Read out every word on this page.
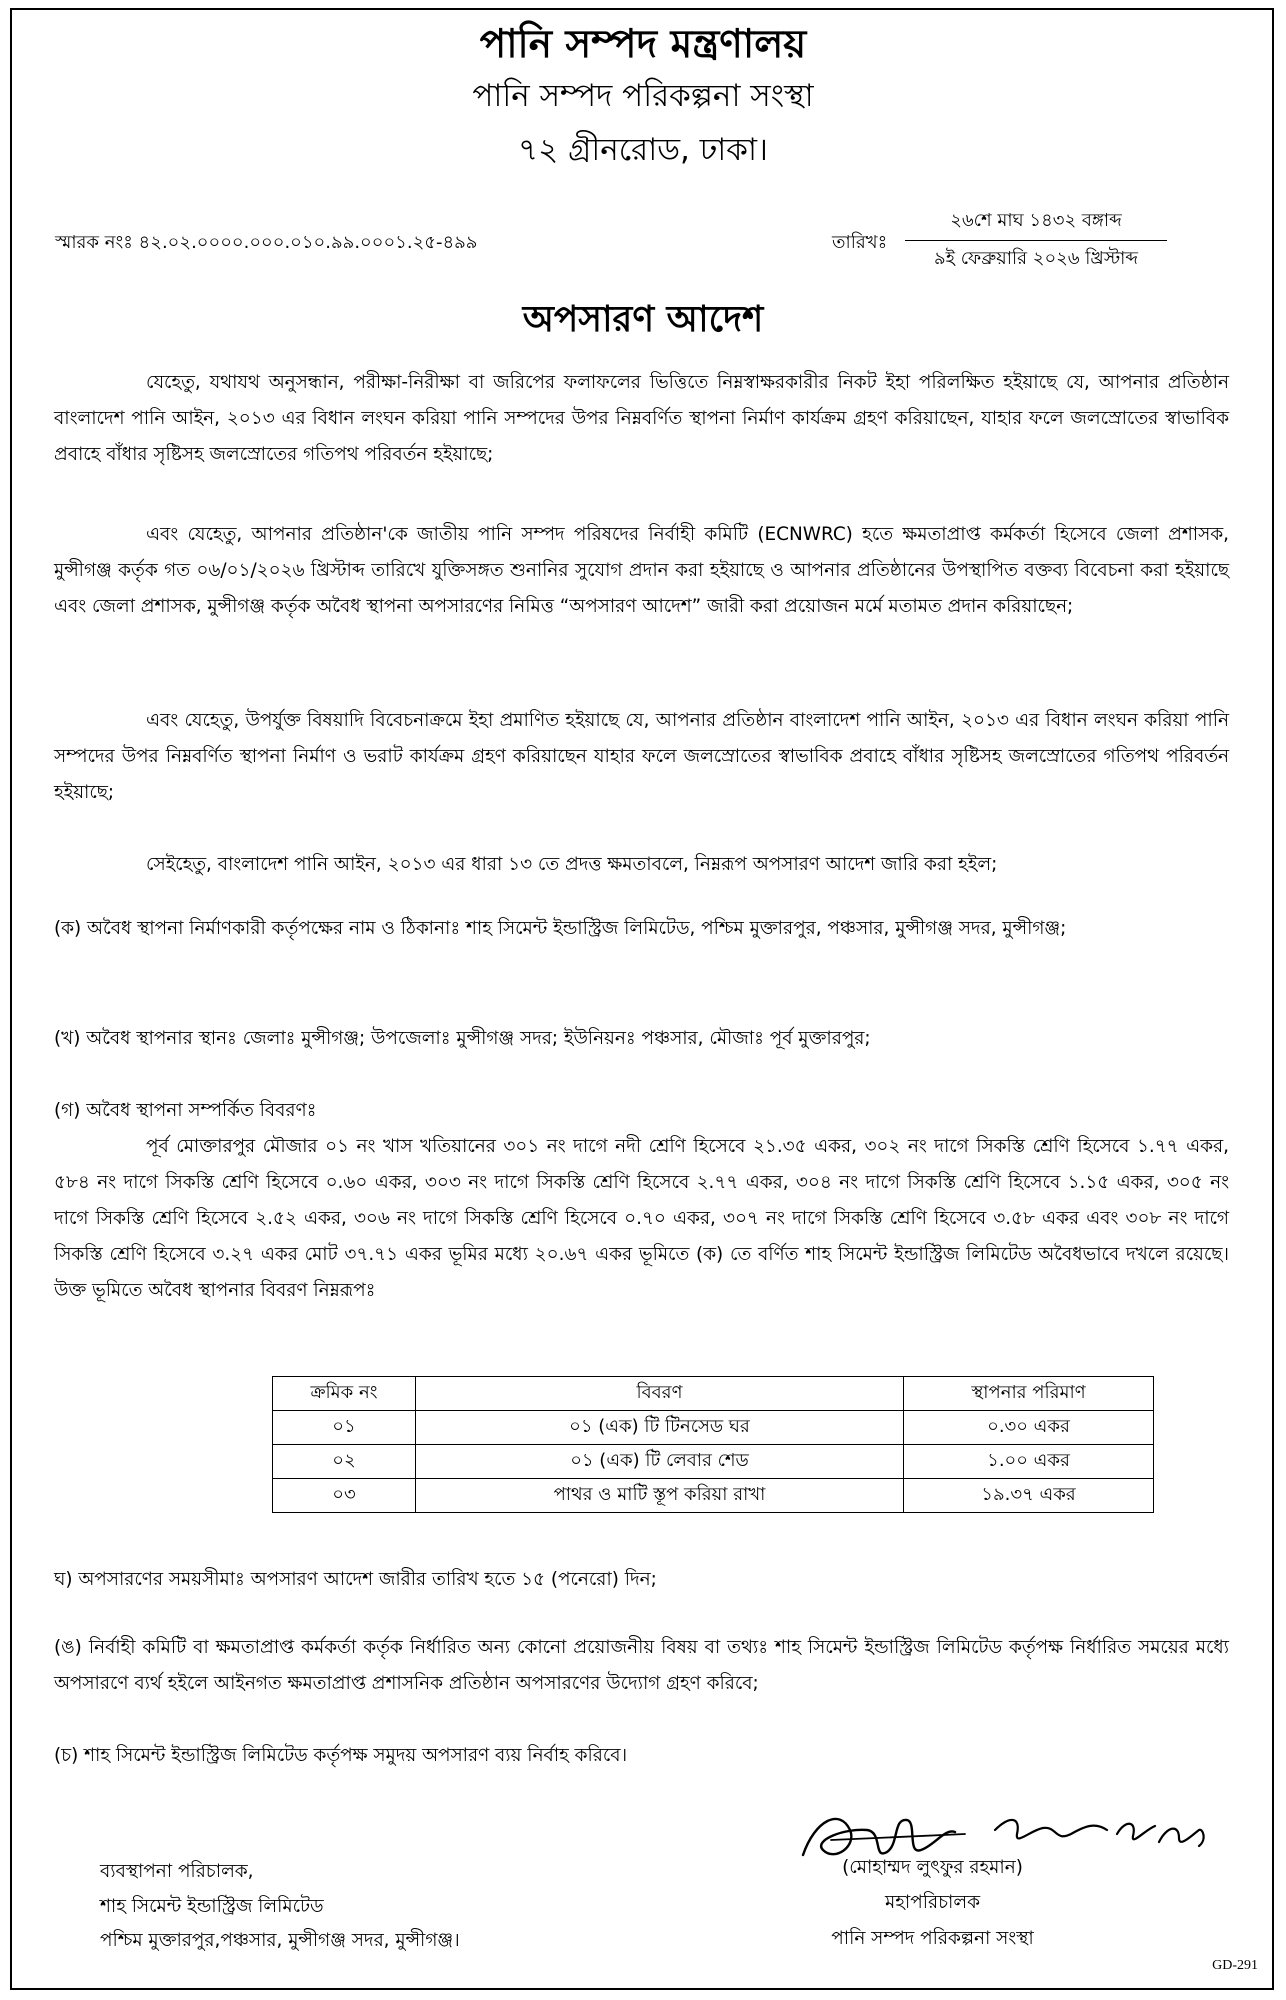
পানি সম্পদ মন্ত্রণালয়
পানি সম্পদ পরিকল্পনা সংস্থা
৭২ গ্রীনরোড, ঢাকা।
স্মারক নংঃ ৪২.০২.০০০০.০০০.০১০.৯৯.০০০১.২৫-৪৯৯	তারিখঃ
২৬শে মাঘ ১৪৩২ বঙ্গাব্দ
৯ই ফেব্রুয়ারি ২০২৬ খ্রিস্টাব্দ
অপসারণ আদেশ

যেহেতু, যথাযথ অনুসন্ধান, পরীক্ষা-নিরীক্ষা বা জরিপের ফলাফলের ভিত্তিতে নিম্নস্বাক্ষরকারীর নিকট ইহা পরিলক্ষিত হইয়াছে যে, আপনার প্রতিষ্ঠান বাংলাদেশ পানি আইন, ২০১৩ এর বিধান লংঘন করিয়া পানি সম্পদের উপর নিম্নবর্ণিত স্থাপনা নির্মাণ কার্যক্রম গ্রহণ করিয়াছেন, যাহার ফলে জলস্রোতের স্বাভাবিক প্রবাহে বাঁধার সৃষ্টিসহ জলস্রোতের গতিপথ পরিবর্তন হইয়াছে;

এবং যেহেতু, আপনার প্রতিষ্ঠান'কে জাতীয় পানি সম্পদ পরিষদের নির্বাহী কমিটি (ECNWRC) হতে ক্ষমতাপ্রাপ্ত কর্মকর্তা হিসেবে জেলা প্রশাসক, মুন্সীগঞ্জ কর্তৃক গত ০৬/০১/২০২৬ খ্রিস্টাব্দ তারিখে যুক্তিসঙ্গত শুনানির সুযোগ প্রদান করা হইয়াছে ও আপনার প্রতিষ্ঠানের উপস্থাপিত বক্তব্য বিবেচনা করা হইয়াছে এবং জেলা প্রশাসক, মুন্সীগঞ্জ কর্তৃক অবৈধ স্থাপনা অপসারণের নিমিত্ত “অপসারণ আদেশ” জারী করা প্রয়োজন মর্মে মতামত প্রদান করিয়াছেন;

এবং যেহেতু, উপর্যুক্ত বিষয়াদি বিবেচনাক্রমে ইহা প্রমাণিত হইয়াছে যে, আপনার প্রতিষ্ঠান বাংলাদেশ পানি আইন, ২০১৩ এর বিধান লংঘন করিয়া পানি সম্পদের উপর নিম্নবর্ণিত স্থাপনা নির্মাণ ও ভরাট কার্যক্রম গ্রহণ করিয়াছেন যাহার ফলে জলস্রোতের স্বাভাবিক প্রবাহে বাঁধার সৃষ্টিসহ জলস্রোতের গতিপথ পরিবর্তন হইয়াছে;

সেইহেতু, বাংলাদেশ পানি আইন, ২০১৩ এর ধারা ১৩ তে প্রদত্ত ক্ষমতাবলে, নিম্নরূপ অপসারণ আদেশ জারি করা হইল;

(ক) অবৈধ স্থাপনা নির্মাণকারী কর্তৃপক্ষের নাম ও ঠিকানাঃ শাহ সিমেন্ট ইন্ডাস্ট্রিজ লিমিটেড, পশ্চিম মুক্তারপুর, পঞ্চসার, মুন্সীগঞ্জ সদর, মুন্সীগঞ্জ;

(খ) অবৈধ স্থাপনার স্থানঃ জেলাঃ মুন্সীগঞ্জ; উপজেলাঃ মুন্সীগঞ্জ সদর; ইউনিয়নঃ পঞ্চসার, মৌজাঃ পূর্ব মুক্তারপুর;

(গ) অবৈধ স্থাপনা সম্পর্কিত বিবরণঃ

পূর্ব মোক্তারপুর মৌজার ০১ নং খাস খতিয়ানের ৩০১ নং দাগে নদী শ্রেণি হিসেবে ২১.৩৫ একর, ৩০২ নং দাগে সিকস্তি শ্রেণি হিসেবে ১.৭৭ একর, ৫৮৪ নং দাগে সিকস্তি শ্রেণি হিসেবে ০.৬০ একর, ৩০৩ নং দাগে সিকস্তি শ্রেণি হিসেবে ২.৭৭ একর, ৩০৪ নং দাগে সিকস্তি শ্রেণি হিসেবে ১.১৫ একর, ৩০৫ নং দাগে সিকস্তি শ্রেণি হিসেবে ২.৫২ একর, ৩০৬ নং দাগে সিকস্তি শ্রেণি হিসেবে ০.৭০ একর, ৩০৭ নং দাগে সিকস্তি শ্রেণি হিসেবে ৩.৫৮ একর এবং ৩০৮ নং দাগে সিকস্তি শ্রেণি হিসেবে ৩.২৭ একর মোট ৩৭.৭১ একর ভূমির মধ্যে ২০.৬৭ একর ভূমিতে (ক) তে বর্ণিত শাহ সিমেন্ট ইন্ডাস্ট্রিজ লিমিটেড অবৈধভাবে দখলে রয়েছে। উক্ত ভূমিতে অবৈধ স্থাপনার বিবরণ নিম্নরূপঃ

ক্রমিক নং	বিবরণ	স্থাপনার পরিমাণ
০১	০১ (এক) টি টিনসেড ঘর	০.৩০ একর
০২	০১ (এক) টি লেবার শেড	১.০০ একর
০৩	পাথর ও মাটি স্তূপ করিয়া রাখা	১৯.৩৭ একর

ঘ) অপসারণের সময়সীমাঃ অপসারণ আদেশ জারীর তারিখ হতে ১৫ (পনেরো) দিন;

(ঙ) নির্বাহী কমিটি বা ক্ষমতাপ্রাপ্ত কর্মকর্তা কর্তৃক নির্ধারিত অন্য কোনো প্রয়োজনীয় বিষয় বা তথ্যঃ শাহ সিমেন্ট ইন্ডাস্ট্রিজ লিমিটেড কর্তৃপক্ষ নির্ধারিত সময়ের মধ্যে অপসারণে ব্যর্থ হইলে আইনগত ক্ষমতাপ্রাপ্ত প্রশাসনিক প্রতিষ্ঠান অপসারণের উদ্যোগ গ্রহণ করিবে;

(চ) শাহ সিমেন্ট ইন্ডাস্ট্রিজ লিমিটেড কর্তৃপক্ষ সমুদয় অপসারণ ব্যয় নির্বাহ করিবে।

ব্যবস্থাপনা পরিচালক,
শাহ সিমেন্ট ইন্ডাস্ট্রিজ লিমিটেড
পশ্চিম মুক্তারপুর,পঞ্চসার, মুন্সীগঞ্জ সদর, মুন্সীগঞ্জ।
(মোহাম্মদ লুৎফুর রহমান)
মহাপরিচালক
পানি সম্পদ পরিকল্পনা সংস্থা
GD-291
